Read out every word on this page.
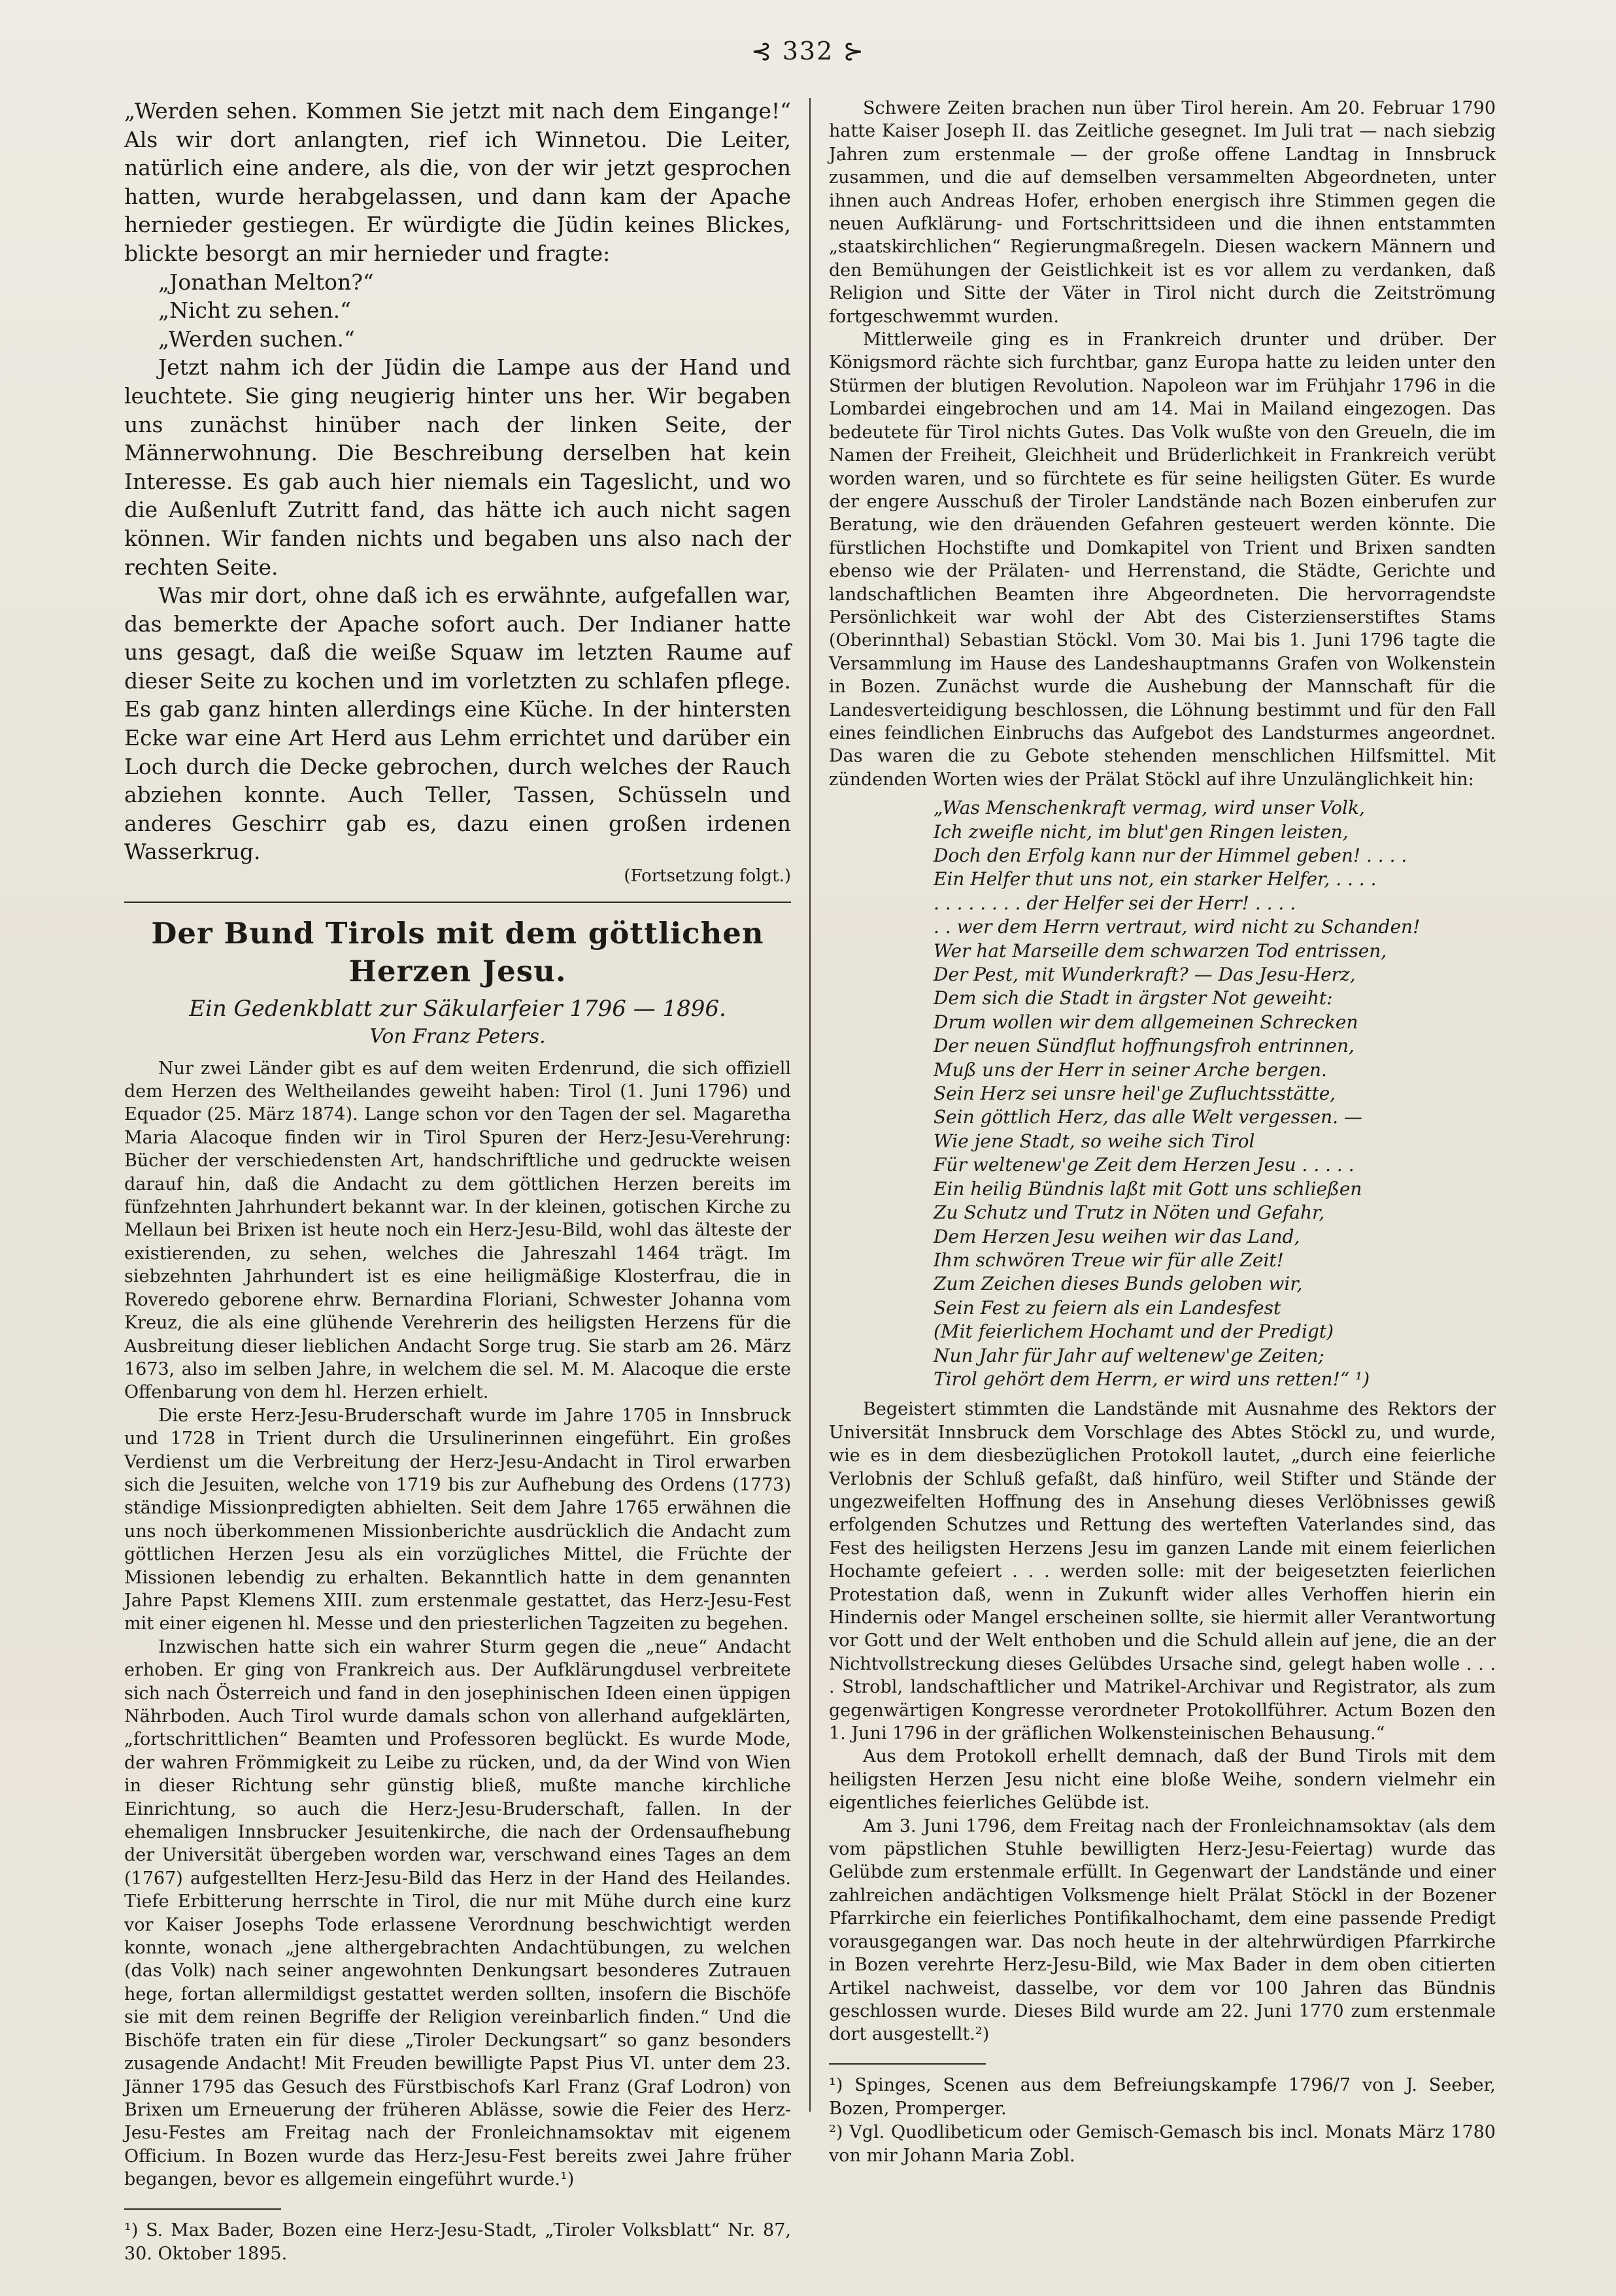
⊰ 332 ⊱

„Werden sehen. Kommen Sie jetzt mit nach dem Eingange!“ Als wir dort anlangten, rief ich Winnetou. Die Leiter, natürlich eine andere, als die, von der wir jetzt gesprochen hatten, wurde herabgelassen, und dann kam der Apache hernieder gestiegen. Er würdigte die Jüdin keines Blickes, blickte besorgt an mir hernieder und fragte:

„Jonathan Melton?“

„Nicht zu sehen.“

„Werden suchen.“

Jetzt nahm ich der Jüdin die Lampe aus der Hand und leuchtete. Sie ging neugierig hinter uns her. Wir begaben uns zunächst hinüber nach der linken Seite, der Männerwohnung. Die Beschreibung derselben hat kein Interesse. Es gab auch hier niemals ein Tageslicht, und wo die Außenluft Zutritt fand, das hätte ich auch nicht sagen können. Wir fanden nichts und begaben uns also nach der rechten Seite.

Was mir dort, ohne daß ich es erwähnte, aufgefallen war, das bemerkte der Apache sofort auch. Der Indianer hatte uns gesagt, daß die weiße Squaw im letzten Raume auf dieser Seite zu kochen und im vorletzten zu schlafen pflege. Es gab ganz hinten allerdings eine Küche. In der hintersten Ecke war eine Art Herd aus Lehm errichtet und darüber ein Loch durch die Decke gebrochen, durch welches der Rauch abziehen konnte. Auch Teller, Tassen, Schüsseln und anderes Geschirr gab es, dazu einen großen irdenen Wasserkrug.

(Fortsetzung folgt.)
Der Bund Tirols mit dem göttlichen Herzen Jesu.
Ein Gedenkblatt zur Säkularfeier 1796 — 1896.
Von Franz Peters.

Nur zwei Länder gibt es auf dem weiten Erdenrund, die sich offiziell dem Herzen des Weltheilandes geweiht haben: Tirol (1. Juni 1796) und Equador (25. März 1874). Lange schon vor den Tagen der sel. Magaretha Maria Alacoque finden wir in Tirol Spuren der Herz-Jesu-Verehrung: Bücher der verschiedensten Art, handschriftliche und gedruckte weisen darauf hin, daß die Andacht zu dem göttlichen Herzen bereits im fünfzehnten Jahrhundert bekannt war. In der kleinen, gotischen Kirche zu Mellaun bei Brixen ist heute noch ein Herz-Jesu-Bild, wohl das älteste der existierenden, zu sehen, welches die Jahreszahl 1464 trägt. Im siebzehnten Jahrhundert ist es eine heiligmäßige Klosterfrau, die in Roveredo geborene ehrw. Bernardina Floriani, Schwester Johanna vom Kreuz, die als eine glühende Verehrerin des heiligsten Herzens für die Ausbreitung dieser lieblichen Andacht Sorge trug. Sie starb am 26. März 1673, also im selben Jahre, in welchem die sel. M. M. Alacoque die erste Offenbarung von dem hl. Herzen erhielt.

Die erste Herz-Jesu-Bruderschaft wurde im Jahre 1705 in Innsbruck und 1728 in Trient durch die Ursulinerinnen eingeführt. Ein großes Verdienst um die Verbreitung der Herz-Jesu-Andacht in Tirol erwarben sich die Jesuiten, welche von 1719 bis zur Aufhebung des Ordens (1773) ständige Missionpredigten abhielten. Seit dem Jahre 1765 erwähnen die uns noch überkommenen Missionberichte ausdrücklich die Andacht zum göttlichen Herzen Jesu als ein vorzügliches Mittel, die Früchte der Missionen lebendig zu erhalten. Bekanntlich hatte in dem genannten Jahre Papst Klemens XIII. zum erstenmale gestattet, das Herz-Jesu-Fest mit einer eigenen hl. Messe und den priesterlichen Tagzeiten zu begehen.

Inzwischen hatte sich ein wahrer Sturm gegen die „neue“ Andacht erhoben. Er ging von Frankreich aus. Der Aufklärungdusel verbreitete sich nach Österreich und fand in den josephinischen Ideen einen üppigen Nährboden. Auch Tirol wurde damals schon von allerhand aufgeklärten, „fortschrittlichen“ Beamten und Professoren beglückt. Es wurde Mode, der wahren Frömmigkeit zu Leibe zu rücken, und, da der Wind von Wien in dieser Richtung sehr günstig bließ, mußte manche kirchliche Einrichtung, so auch die Herz-Jesu-Bruderschaft, fallen. In der ehemaligen Innsbrucker Jesuitenkirche, die nach der Ordensaufhebung der Universität übergeben worden war, verschwand eines Tages an dem (1767) aufgestellten Herz-Jesu-Bild das Herz in der Hand des Heilandes. Tiefe Erbitterung herrschte in Tirol, die nur mit Mühe durch eine kurz vor Kaiser Josephs Tode erlassene Verordnung beschwichtigt werden konnte, wonach „jene althergebrachten Andachtübungen, zu welchen (das Volk) nach seiner angewohnten Denkungsart besonderes Zutrauen hege, fortan allermildigst gestattet werden sollten, insofern die Bischöfe sie mit dem reinen Begriffe der Religion vereinbarlich finden.“ Und die Bischöfe traten ein für diese „Tiroler Deckungsart“ so ganz besonders zusagende Andacht! Mit Freuden bewilligte Papst Pius VI. unter dem 23. Jänner 1795 das Gesuch des Fürstbischofs Karl Franz (Graf Lodron) von Brixen um Erneuerung der früheren Ablässe, sowie die Feier des Herz-Jesu-Festes am Freitag nach der Fronleichnamsoktav mit eigenem Officium. In Bozen wurde das Herz-Jesu-Fest bereits zwei Jahre früher begangen, bevor es allgemein eingeführt wurde.¹)

¹) S. Max Bader, Bozen eine Herz-Jesu-Stadt, „Tiroler Volksblatt“ Nr. 87, 30. Oktober 1895.

Schwere Zeiten brachen nun über Tirol herein. Am 20. Februar 1790 hatte Kaiser Joseph II. das Zeitliche gesegnet. Im Juli trat — nach siebzig Jahren zum erstenmale — der große offene Landtag in Innsbruck zusammen, und die auf demselben versammelten Abgeordneten, unter ihnen auch Andreas Hofer, erhoben energisch ihre Stimmen gegen die neuen Aufklärung- und Fortschrittsideen und die ihnen entstammten „staatskirchlichen“ Regierungmaßregeln. Diesen wackern Männern und den Bemühungen der Geistlichkeit ist es vor allem zu verdanken, daß Religion und Sitte der Väter in Tirol nicht durch die Zeitströmung fortgeschwemmt wurden.

Mittlerweile ging es in Frankreich drunter und drüber. Der Königsmord rächte sich furchtbar, ganz Europa hatte zu leiden unter den Stürmen der blutigen Revolution. Napoleon war im Frühjahr 1796 in die Lombardei eingebrochen und am 14. Mai in Mailand eingezogen. Das bedeutete für Tirol nichts Gutes. Das Volk wußte von den Greueln, die im Namen der Freiheit, Gleichheit und Brüderlichkeit in Frankreich verübt worden waren, und so fürchtete es für seine heiligsten Güter. Es wurde der engere Ausschuß der Tiroler Landstände nach Bozen einberufen zur Beratung, wie den dräuenden Gefahren gesteuert werden könnte. Die fürstlichen Hochstifte und Domkapitel von Trient und Brixen sandten ebenso wie der Prälaten- und Herrenstand, die Städte, Gerichte und landschaftlichen Beamten ihre Abgeordneten. Die hervorragendste Persönlichkeit war wohl der Abt des Cisterzienserstiftes Stams (Oberinnthal) Sebastian Stöckl. Vom 30. Mai bis 1. Juni 1796 tagte die Versammlung im Hause des Landeshauptmanns Grafen von Wolkenstein in Bozen. Zunächst wurde die Aushebung der Mannschaft für die Landesverteidigung beschlossen, die Löhnung bestimmt und für den Fall eines feindlichen Einbruchs das Aufgebot des Landsturmes angeordnet. Das waren die zu Gebote stehenden menschlichen Hilfsmittel. Mit zündenden Worten wies der Prälat Stöckl auf ihre Unzulänglichkeit hin:

„Was Menschenkraft vermag, wird unser Volk,
Ich zweifle nicht, im blut'gen Ringen leisten,
Doch den Erfolg kann nur der Himmel geben! . . . .
Ein Helfer thut uns not, ein starker Helfer, . . . .
. . . . . . . . der Helfer sei der Herr! . . . .
. . wer dem Herrn vertraut, wird nicht zu Schanden!
Wer hat Marseille dem schwarzen Tod entrissen,
Der Pest, mit Wunderkraft? — Das Jesu-Herz,
Dem sich die Stadt in ärgster Not geweiht:
Drum wollen wir dem allgemeinen Schrecken
Der neuen Sündflut hoffnungsfroh entrinnen,
Muß uns der Herr in seiner Arche bergen.
Sein Herz sei unsre heil'ge Zufluchtsstätte,
Sein göttlich Herz, das alle Welt vergessen. —
Wie jene Stadt, so weihe sich Tirol
Für weltenew'ge Zeit dem Herzen Jesu . . . . .
Ein heilig Bündnis laßt mit Gott uns schließen
Zu Schutz und Trutz in Nöten und Gefahr,
Dem Herzen Jesu weihen wir das Land,
Ihm schwören Treue wir für alle Zeit!
Zum Zeichen dieses Bunds geloben wir,
Sein Fest zu feiern als ein Landesfest
(Mit feierlichem Hochamt und der Predigt)
Nun Jahr für Jahr auf weltenew'ge Zeiten;
Tirol gehört dem Herrn, er wird uns retten!“ ¹)

Begeistert stimmten die Landstände mit Ausnahme des Rektors der Universität Innsbruck dem Vorschlage des Abtes Stöckl zu, und wurde, wie es in dem diesbezüglichen Protokoll lautet, „durch eine feierliche Verlobnis der Schluß gefaßt, daß hinfüro, weil Stifter und Stände der ungezweifelten Hoffnung des in Ansehung dieses Verlöbnisses gewiß erfolgenden Schutzes und Rettung des werteften Vaterlandes sind, das Fest des heiligsten Herzens Jesu im ganzen Lande mit einem feierlichen Hochamte gefeiert . . . werden solle: mit der beigesetzten feierlichen Protestation daß, wenn in Zukunft wider alles Verhoffen hierin ein Hindernis oder Mangel erscheinen sollte, sie hiermit aller Verantwortung vor Gott und der Welt enthoben und die Schuld allein auf jene, die an der Nichtvollstreckung dieses Gelübdes Ursache sind, gelegt haben wolle . . . . Strobl, landschaftlicher und Matrikel-Archivar und Registrator, als zum gegenwärtigen Kongresse verordneter Protokollführer. Actum Bozen den 1. Juni 1796 in der gräflichen Wolkensteinischen Behausung.“

Aus dem Protokoll erhellt demnach, daß der Bund Tirols mit dem heiligsten Herzen Jesu nicht eine bloße Weihe, sondern vielmehr ein eigentliches feierliches Gelübde ist.

Am 3. Juni 1796, dem Freitag nach der Fronleichnamsoktav (als dem vom päpstlichen Stuhle bewilligten Herz-Jesu-Feiertag) wurde das Gelübde zum erstenmale erfüllt. In Gegenwart der Landstände und einer zahlreichen andächtigen Volksmenge hielt Prälat Stöckl in der Bozener Pfarrkirche ein feierliches Pontifikalhochamt, dem eine passende Predigt vorausgegangen war. Das noch heute in der altehrwürdigen Pfarrkirche in Bozen verehrte Herz-Jesu-Bild, wie Max Bader in dem oben citierten Artikel nachweist, dasselbe, vor dem vor 100 Jahren das Bündnis geschlossen wurde. Dieses Bild wurde am 22. Juni 1770 zum erstenmale dort ausgestellt.²)

¹) Spinges, Scenen aus dem Befreiungskampfe 1796/7 von J. Seeber, Bozen, Promperger.
²) Vgl. Quodlibeticum oder Gemisch-Gemasch bis incl. Monats März 1780 von mir Johann Maria Zobl.
